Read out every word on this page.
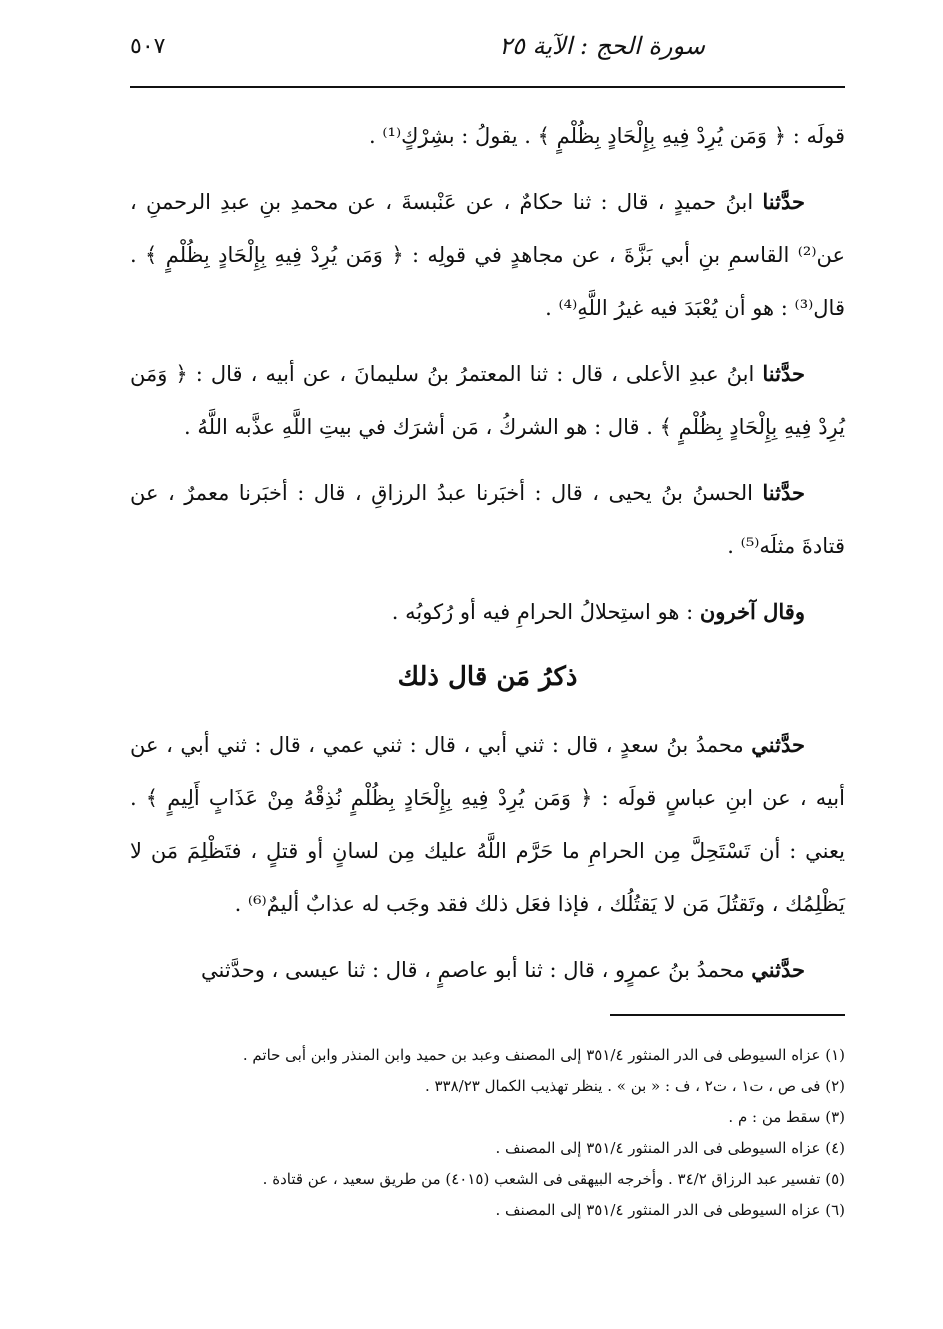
٥٠٧	سورة الحج : الآية ٢٥

قولَه : ﴿ وَمَن يُرِدْ فِيهِ بِإِلْحَادٍ بِظُلْمٍ ﴾ . يقولُ : بشِرْكٍ⁽¹⁾ .

حدَّثنا ابنُ حميدٍ ، قال : ثنا حكامٌ ، عن عَنْبسةَ ، عن محمدِ بنِ عبدِ الرحمنِ ، عن⁽²⁾ القاسمِ بنِ أبي بَزَّةَ ، عن مجاهدٍ في قولِه : ﴿ وَمَن يُرِدْ فِيهِ بِإِلْحَادٍ بِظُلْمٍ ﴾ . قال⁽³⁾ : هو أن يُعْبَدَ فيه غيرُ اللَّهِ⁽⁴⁾ .

حدَّثنا ابنُ عبدِ الأعلى ، قال : ثنا المعتمرُ بنُ سليمانَ ، عن أبيه ، قال : ﴿ وَمَن يُرِدْ فِيهِ بِإِلْحَادٍ بِظُلْمٍ ﴾ . قال : هو الشركُ ، مَن أشرَك في بيتِ اللَّهِ عذَّبه اللَّهُ .

حدَّثنا الحسنُ بنُ يحيى ، قال : أخبَرنا عبدُ الرزاقِ ، قال : أخبَرنا معمرٌ ، عن قتادةَ مثلَه⁽⁵⁾ .

وقال آخرون : هو استِحلالُ الحرامِ فيه أو رُكوبُه .

ذكرُ مَن قال ذلك

حدَّثني محمدُ بنُ سعدٍ ، قال : ثني أبي ، قال : ثني عمي ، قال : ثني أبي ، عن أبيه ، عن ابنِ عباسٍ قولَه : ﴿ وَمَن يُرِدْ فِيهِ بِإِلْحَادٍ بِظُلْمٍ نُذِقْهُ مِنْ عَذَابٍ أَلِيمٍ ﴾ . يعني : أن تَسْتَحِلَّ مِن الحرامِ ما حَرَّم اللَّهُ عليك مِن لسانٍ أو قتلٍ ، فتَظْلِمَ مَن لا يَظْلِمُك ، وتَقتُلَ مَن لا يَقتُلُك ، فإذا فعَل ذلك فقد وجَب له عذابٌ أليمٌ⁽⁶⁾ .

حدَّثني محمدُ بنُ عمرٍو ، قال : ثنا أبو عاصمٍ ، قال : ثنا عيسى ، وحدَّثني

(١) عزاه السيوطى فى الدر المنثور ٣٥١/٤ إلى المصنف وعبد بن حميد وابن المنذر وابن أبى حاتم .

(٢) فى ص ، ت١ ، ت٢ ، ف : « بن » . ينظر تهذيب الكمال ٣٣٨/٢٣ .

(٣) سقط من : م .

(٤) عزاه السيوطى فى الدر المنثور ٣٥١/٤ إلى المصنف .

(٥) تفسير عبد الرزاق ٣٤/٢ . وأخرجه البيهقى فى الشعب (٤٠١٥) من طريق سعيد ، عن قتادة .

(٦) عزاه السيوطى فى الدر المنثور ٣٥١/٤ إلى المصنف .
